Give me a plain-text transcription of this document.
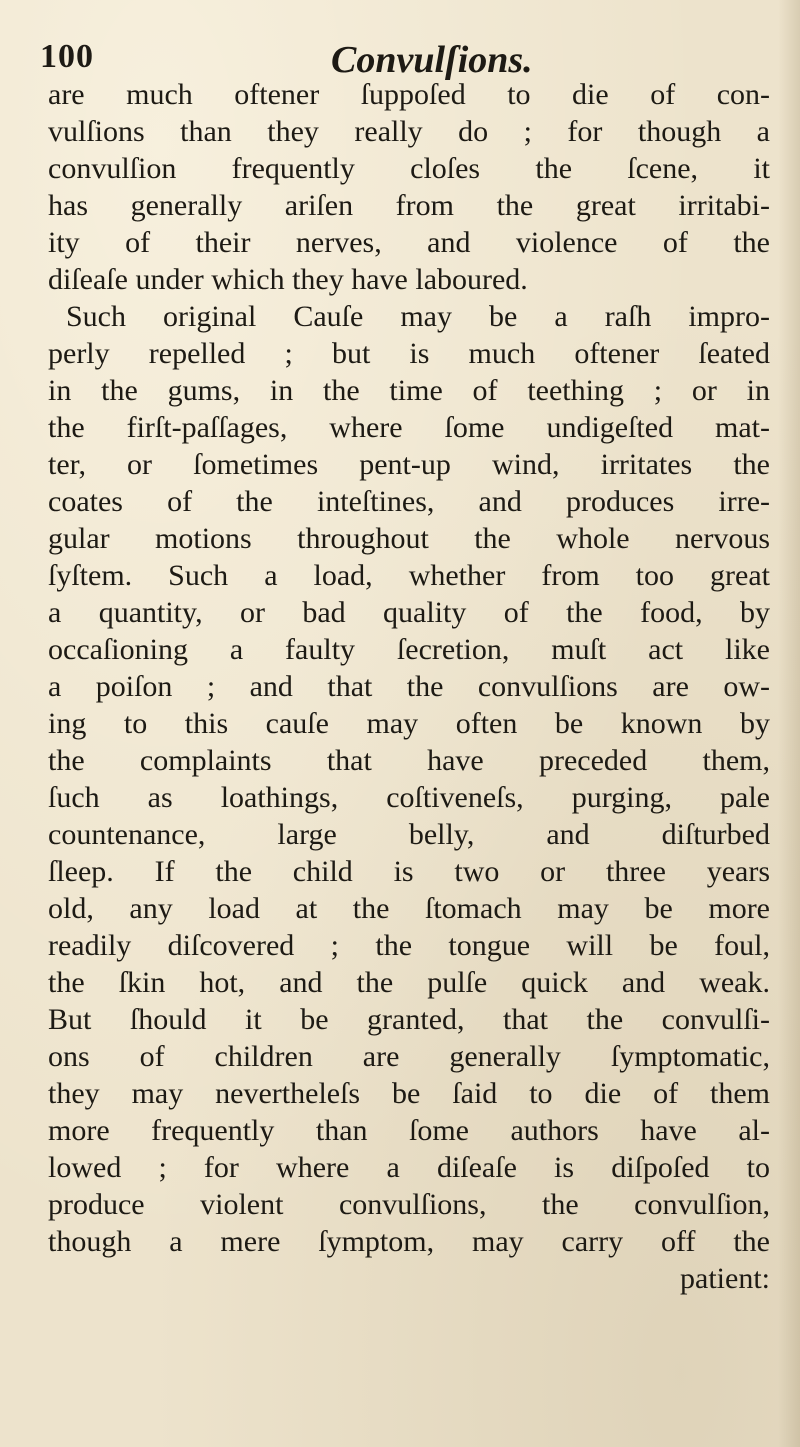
100	Convulſions.
are much oftener ſuppoſed to die of con-
vulſions than they really do ; for though a
convulſion frequently cloſes the ſcene, it
has generally ariſen from the great irritabi-
ity of their nerves, and violence of the
diſeaſe under which they have laboured.
Such original Cauſe may be a raſh impro-
perly repelled ; but is much oftener ſeated
in the gums, in the time of teething ; or in
the firſt-paſſages, where ſome undigeſted mat-
ter, or ſometimes pent-up wind, irritates the
coates of the inteſtines, and produces irre-
gular motions throughout the whole nervous
ſyſtem. Such a load, whether from too great
a quantity, or bad quality of the food, by
occaſioning a faulty ſecretion, muſt act like
a poiſon ; and that the convulſions are ow-
ing to this cauſe may often be known by
the complaints that have preceded them,
ſuch as loathings, coſtiveneſs, purging, pale
countenance, large belly, and diſturbed
ſleep. If the child is two or three years
old, any load at the ſtomach may be more
readily diſcovered ; the tongue will be foul,
the ſkin hot, and the pulſe quick and weak.
But ſhould it be granted, that the convulſi-
ons of children are generally ſymptomatic,
they may nevertheleſs be ſaid to die of them
more frequently than ſome authors have al-
lowed ; for where a diſeaſe is diſpoſed to
produce violent convulſions, the convulſion,
though a mere ſymptom, may carry off the
patient:
